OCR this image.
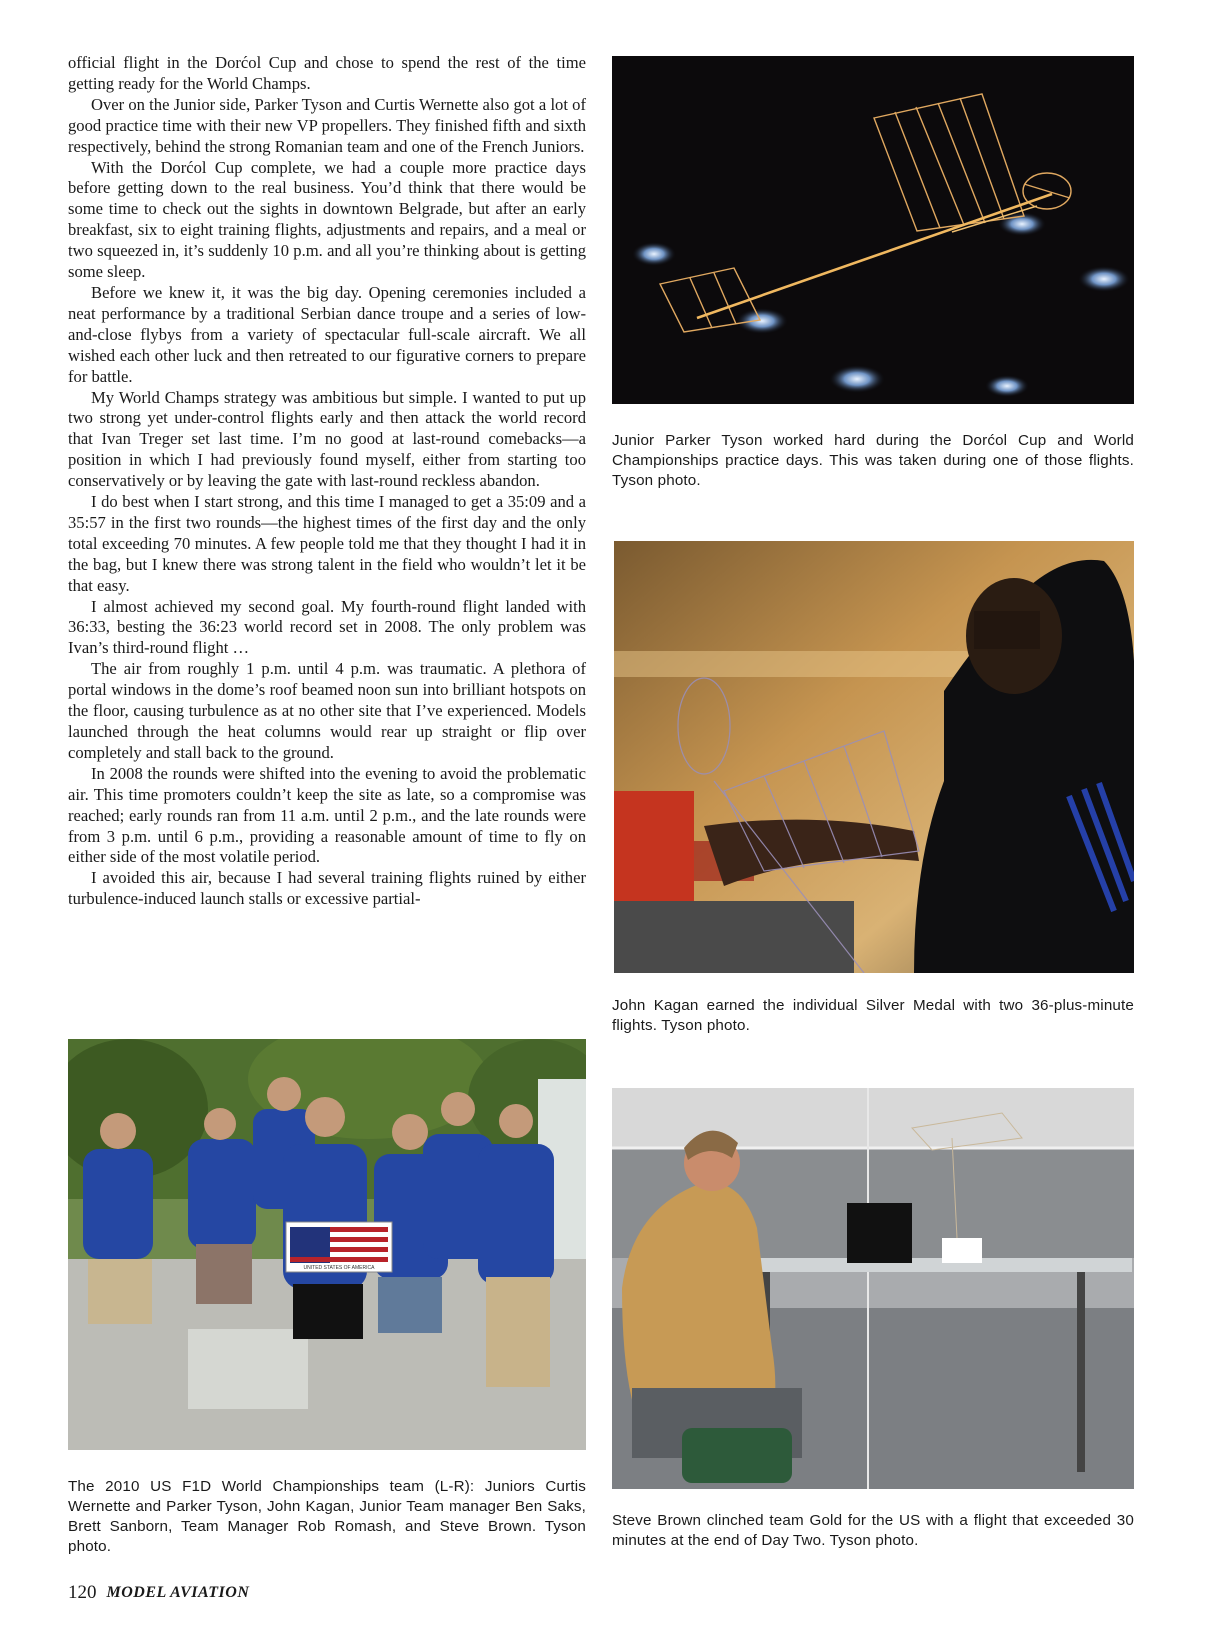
official flight in the Dorćol Cup and chose to spend the rest of the time getting ready for the World Champs.

Over on the Junior side, Parker Tyson and Curtis Wernette also got a lot of good practice time with their new VP propellers. They finished fifth and sixth respectively, behind the strong Romanian team and one of the French Juniors.

With the Dorćol Cup complete, we had a couple more practice days before getting down to the real business. You’d think that there would be some time to check out the sights in downtown Belgrade, but after an early breakfast, six to eight training flights, adjustments and repairs, and a meal or two squeezed in, it’s suddenly 10 p.m. and all you’re thinking about is getting some sleep.

Before we knew it, it was the big day. Opening ceremonies included a neat performance by a traditional Serbian dance troupe and a series of low-and-close flybys from a variety of spectacular full-scale aircraft. We all wished each other luck and then retreated to our figurative corners to prepare for battle.

My World Champs strategy was ambitious but simple. I wanted to put up two strong yet under-control flights early and then attack the world record that Ivan Treger set last time. I’m no good at last-round comebacks—a position in which I had previously found myself, either from starting too conservatively or by leaving the gate with last-round reckless abandon.

I do best when I start strong, and this time I managed to get a 35:09 and a 35:57 in the first two rounds—the highest times of the first day and the only total exceeding 70 minutes. A few people told me that they thought I had it in the bag, but I knew there was strong talent in the field who wouldn’t let it be that easy.

I almost achieved my second goal. My fourth-round flight landed with 36:33, besting the 36:23 world record set in 2008. The only problem was Ivan’s third-round flight …

The air from roughly 1 p.m. until 4 p.m. was traumatic. A plethora of portal windows in the dome’s roof beamed noon sun into brilliant hotspots on the floor, causing turbulence as at no other site that I’ve experienced. Models launched through the heat columns would rear up straight or flip over completely and stall back to the ground.

In 2008 the rounds were shifted into the evening to avoid the problematic air. This time promoters couldn’t keep the site as late, so a compromise was reached; early rounds ran from 11 a.m. until 2 p.m., and the late rounds were from 3 p.m. until 6 p.m., providing a reasonable amount of time to fly on either side of the most volatile period.

I avoided this air, because I had several training flights ruined by either turbulence-induced launch stalls or excessive partial-

Junior Parker Tyson worked hard during the Dorćol Cup and World Championships practice days. This was taken during one of those flights. Tyson photo.
John Kagan earned the individual Silver Medal with two 36-plus-minute flights. Tyson photo.
UNITED STATES OF AMERICA
The 2010 US F1D World Championships team (L-R): Juniors Curtis Wernette and Parker Tyson, John Kagan, Junior Team manager Ben Saks, Brett Sanborn, Team Manager Rob Romash, and Steve Brown. Tyson photo.
Steve Brown clinched team Gold for the US with a flight that exceeded 30 minutes at the end of Day Two. Tyson photo.
120 MODEL AVIATION
